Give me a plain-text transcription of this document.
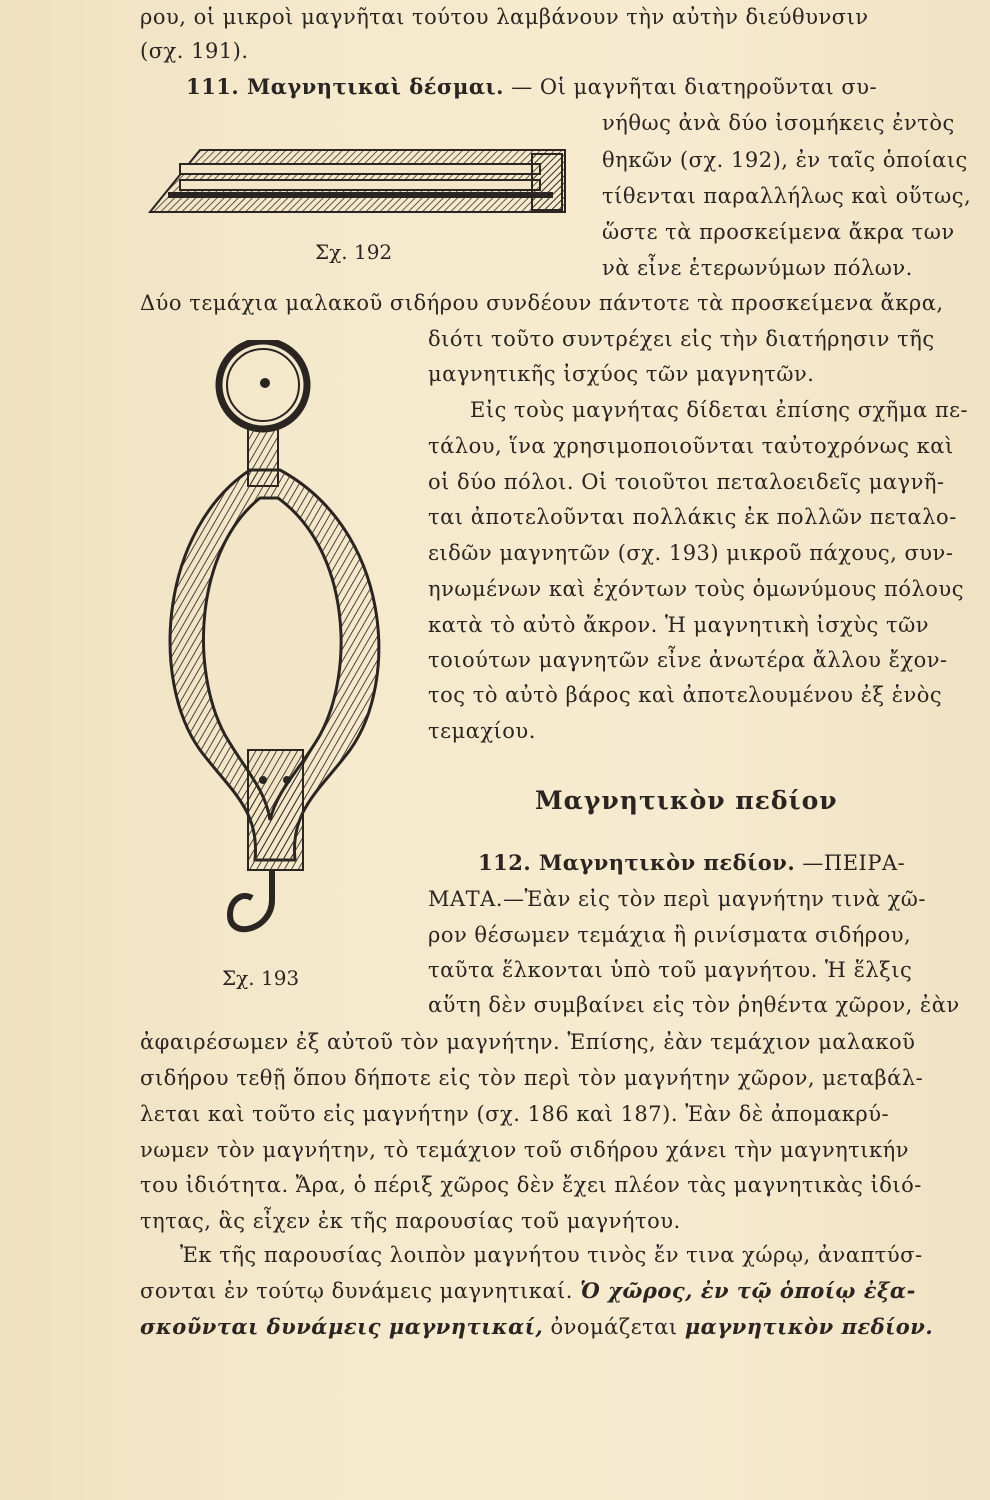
ρου, οἱ μικροὶ μαγνῆται τούτου λαμβάνουν τὴν αὐτὴν διεύθυνσιν

(σχ. 191).

111. Μαγνητικαὶ δέσμαι. — Οἱ μαγνῆται διατηροῦνται συ-

Σχ. 192

νήθως ἀνὰ δύο ἰσομήκεις ἐντὸς

θηκῶν (σχ. 192), ἐν ταῖς ὁποίαις

τίθενται παραλλήλως καὶ οὕτως,

ὥστε τὰ προσκείμενα ἄκρα των

νὰ εἶνε ἑτερωνύμων πόλων.

Δύο τεμάχια μαλακοῦ σιδήρου συνδέουν πάντοτε τὰ προσκείμενα ἄκρα,

Σχ. 193

διότι τοῦτο συντρέχει εἰς τὴν διατήρησιν τῆς

μαγνητικῆς ἰσχύος τῶν μαγνητῶν.

Εἰς τοὺς μαγνήτας δίδεται ἐπίσης σχῆμα πε-

τάλου, ἵνα χρησιμοποιοῦνται ταὐτοχρόνως καὶ

οἱ δύο πόλοι. Οἱ τοιοῦτοι πεταλοειδεῖς μαγνῆ-

ται ἀποτελοῦνται πολλάκις ἐκ πολλῶν πεταλο-

ειδῶν μαγνητῶν (σχ. 193) μικροῦ πάχους, συν-

ηνωμένων καὶ ἐχόντων τοὺς ὁμωνύμους πόλους

κατὰ τὸ αὐτὸ ἄκρον. Ἡ μαγνητικὴ ἰσχὺς τῶν

τοιούτων μαγνητῶν εἶνε ἀνωτέρα ἄλλου ἔχον-

τος τὸ αὐτὸ βάρος καὶ ἀποτελουμένου ἐξ ἑνὸς

τεμαχίου.

Μαγνητικὸν πεδίον

112. Μαγνητικὸν πεδίον. —ΠΕΙΡΑ-

ΜΑΤΑ.—Ἐὰν εἰς τὸν περὶ μαγνήτην τινὰ χῶ-

ρον θέσωμεν τεμάχια ἢ ρινίσματα σιδήρου,

ταῦτα ἕλκονται ὑπὸ τοῦ μαγνήτου. Ἡ ἕλξις

αὕτη δὲν συμβαίνει εἰς τὸν ῥηθέντα χῶρον, ἐὰν

ἀφαιρέσωμεν ἐξ αὐτοῦ τὸν μαγνήτην. Ἐπίσης, ἐὰν τεμάχιον μαλακοῦ

σιδήρου τεθῇ ὅπου δήποτε εἰς τὸν περὶ τὸν μαγνήτην χῶρον, μεταβάλ-

λεται καὶ τοῦτο εἰς μαγνήτην (σχ. 186 καὶ 187). Ἐὰν δὲ ἀπομακρύ-

νωμεν τὸν μαγνήτην, τὸ τεμάχιον τοῦ σιδήρου χάνει τὴν μαγνητικήν

του ἰδιότητα. Ἄρα, ὁ πέριξ χῶρος δὲν ἔχει πλέον τὰς μαγνητικὰς ἰδιό-

τητας, ἃς εἶχεν ἐκ τῆς παρουσίας τοῦ μαγνήτου.

Ἐκ τῆς παρουσίας λοιπὸν μαγνήτου τινὸς ἔν τινα χώρῳ, ἀναπτύσ-

σονται ἐν τούτῳ δυνάμεις μαγνητικαί. Ὁ χῶρος, ἐν τῷ ὁποίῳ ἐξα-

σκοῦνται δυνάμεις μαγνητικαί, ὀνομάζεται μαγνητικὸν πεδίον.
